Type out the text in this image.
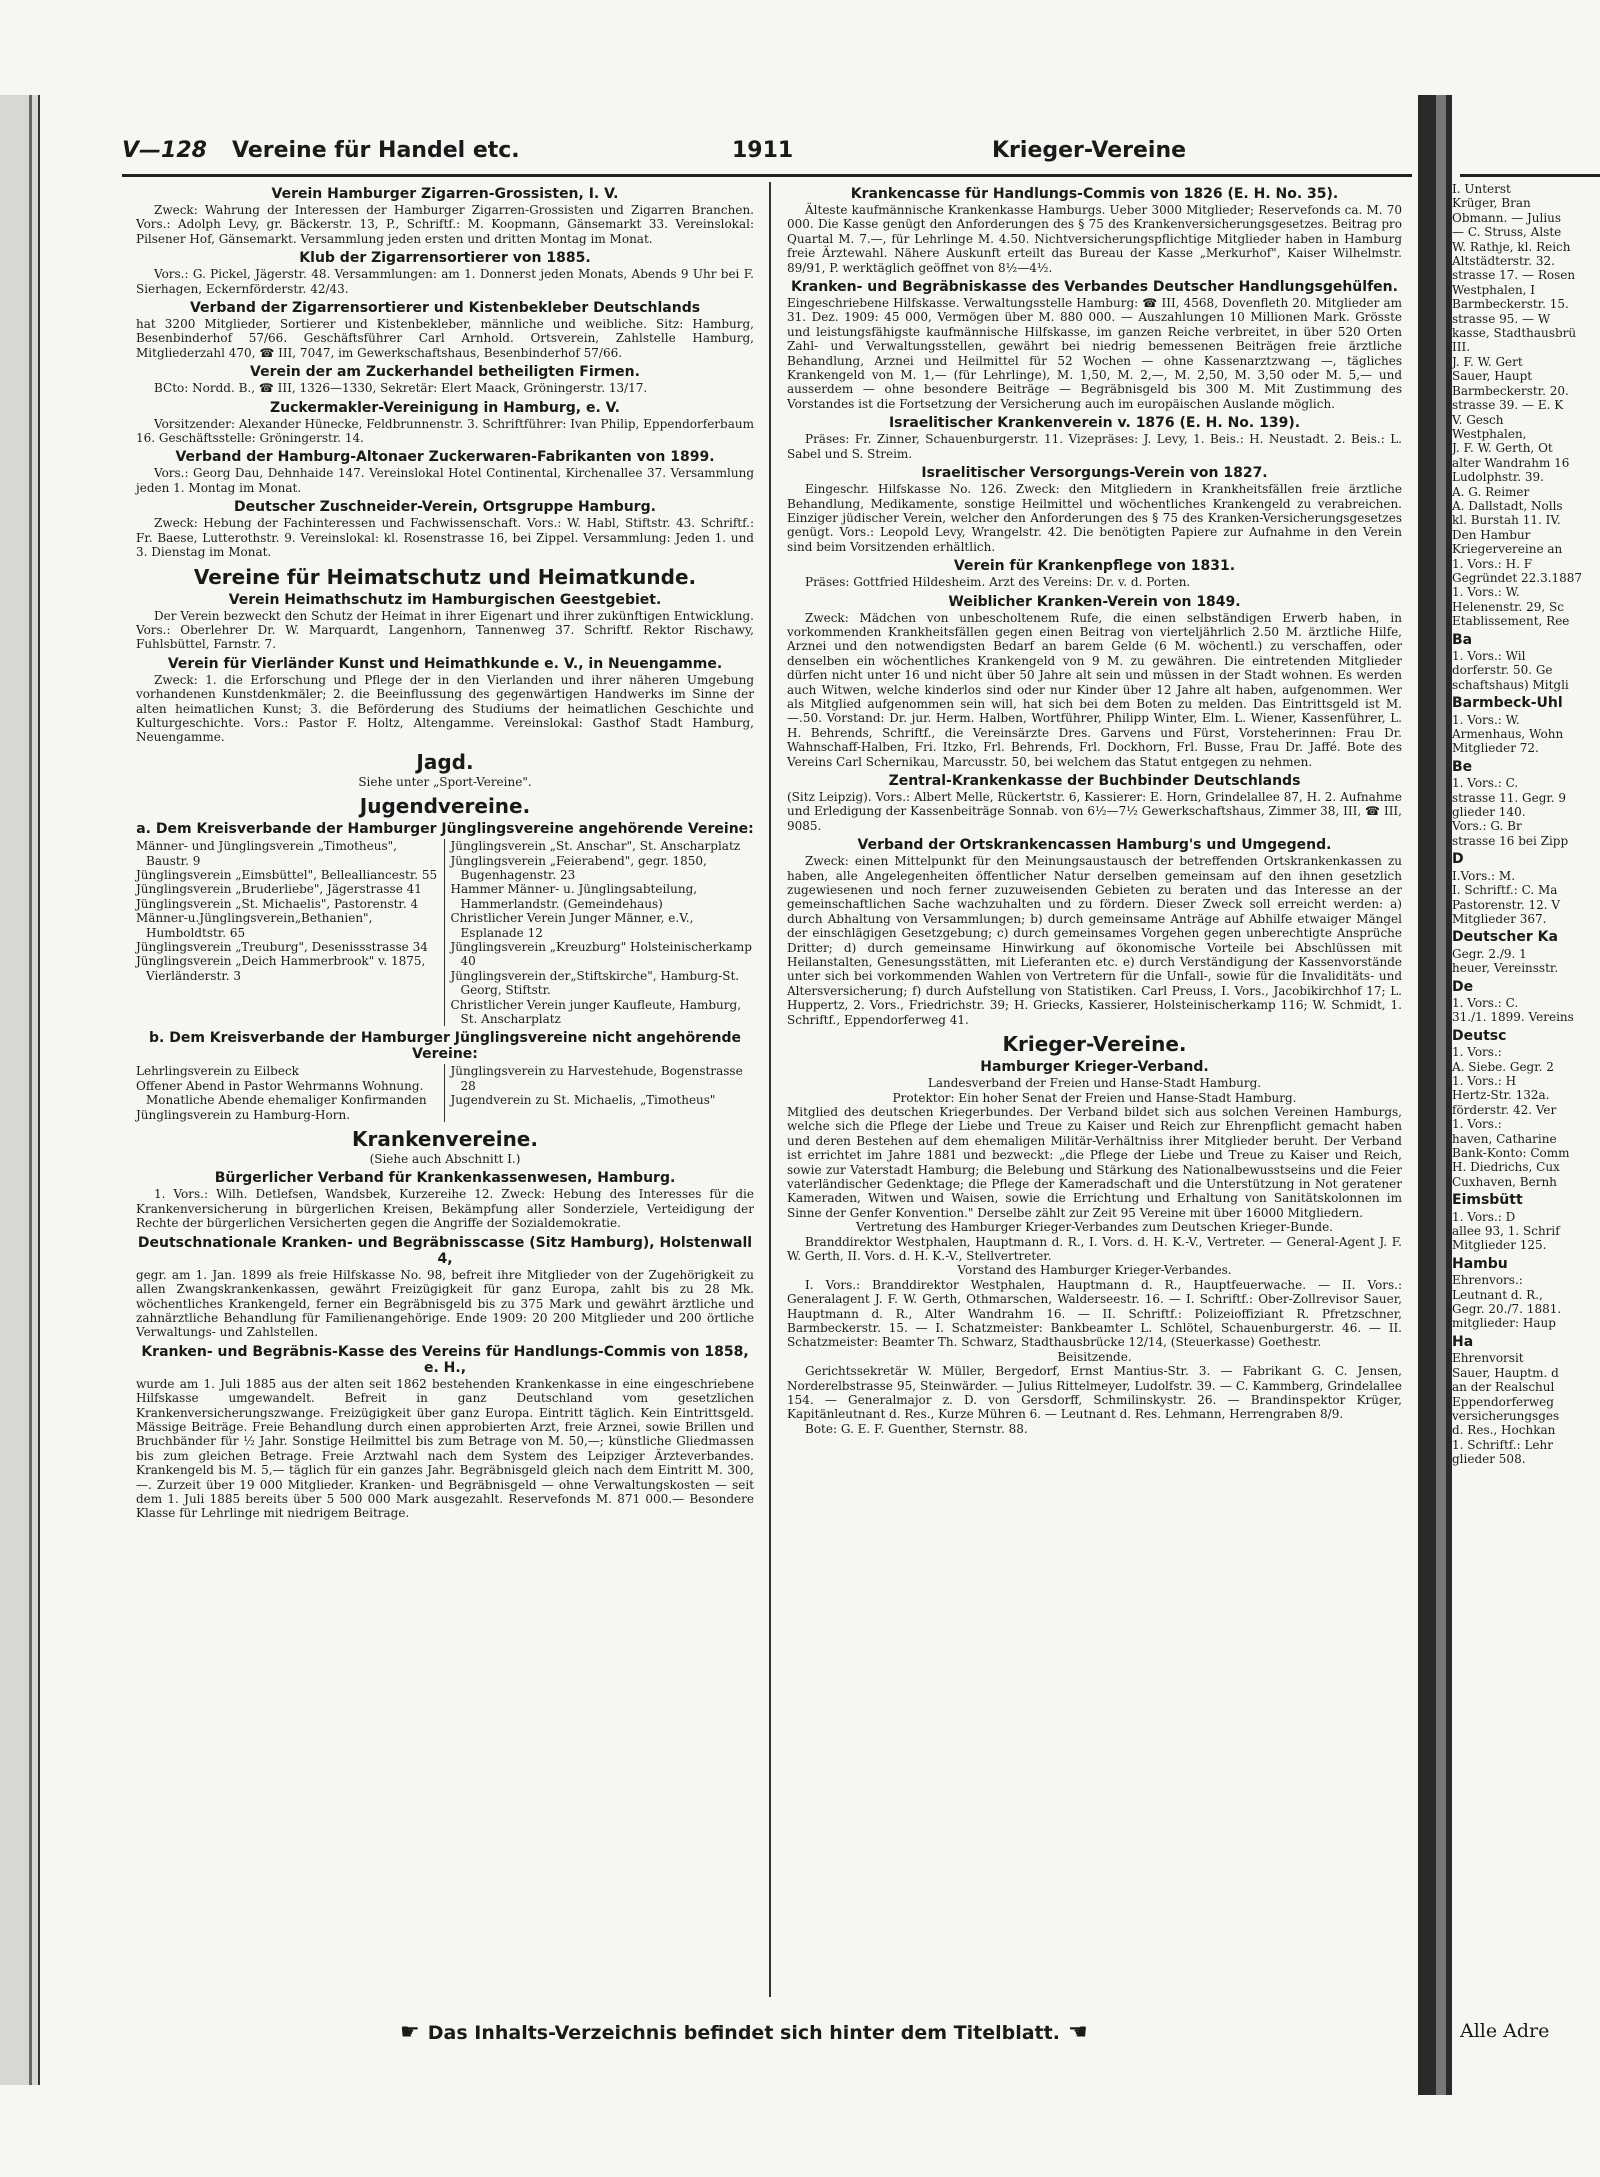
V—128 Vereine für Handel etc.	1911	Krieger-Vereine
Verein Hamburger Zigarren-Grossisten, I. V.

Zweck: Wahrung der Interessen der Hamburger Zigarren-Grossisten und Zigarren Branchen. Vors.: Adolph Levy, gr. Bäckerstr. 13, P., Schriftf.: M. Koopmann, Gänsemarkt 33. Vereinslokal: Pilsener Hof, Gänsemarkt. Versammlung jeden ersten und dritten Montag im Monat.

Klub der Zigarrensortierer von 1885.

Vors.: G. Pickel, Jägerstr. 48. Versammlungen: am 1. Donnerst jeden Monats, Abends 9 Uhr bei F. Sierhagen, Eckernförderstr. 42/43.

Verband der Zigarrensortierer und Kistenbekleber Deutschlands

hat 3200 Mitglieder, Sortierer und Kistenbekleber, männliche und weibliche. Sitz: Hamburg, Besenbinderhof 57/66. Geschäftsführer Carl Arnhold. Ortsverein, Zahlstelle Hamburg, Mitgliederzahl 470, ☎ III, 7047, im Gewerkschaftshaus, Besenbinderhof 57/66.

Verein der am Zuckerhandel betheiligten Firmen.

BCto: Nordd. B., ☎ III, 1326—1330, Sekretär: Elert Maack, Gröningerstr. 13/17.

Zuckermakler-Vereinigung in Hamburg, e. V.

Vorsitzender: Alexander Hünecke, Feldbrunnenstr. 3. Schriftführer: Ivan Philip, Eppendorferbaum 16. Geschäftsstelle: Gröningerstr. 14.

Verband der Hamburg-Altonaer Zuckerwaren-Fabrikanten von 1899.

Vors.: Georg Dau, Dehnhaide 147. Vereinslokal Hotel Continental, Kirchenallee 37. Versammlung jeden 1. Montag im Monat.

Deutscher Zuschneider-Verein, Ortsgruppe Hamburg.

Zweck: Hebung der Fachinteressen und Fachwissenschaft. Vors.: W. Habl, Stiftstr. 43. Schriftf.: Fr. Baese, Lutterothstr. 9. Vereinslokal: kl. Rosenstrasse 16, bei Zippel. Versammlung: Jeden 1. und 3. Dienstag im Monat.

Vereine für Heimatschutz und Heimatkunde.
Verein Heimathschutz im Hamburgischen Geestgebiet.

Der Verein bezweckt den Schutz der Heimat in ihrer Eigenart und ihrer zukünftigen Entwicklung. Vors.: Oberlehrer Dr. W. Marquardt, Langenhorn, Tannenweg 37. Schriftf. Rektor Rischawy, Fuhlsbüttel, Farnstr. 7.

Verein für Vierländer Kunst und Heimathkunde e. V., in Neuengamme.

Zweck: 1. die Erforschung und Pflege der in den Vierlanden und ihrer näheren Umgebung vorhandenen Kunstdenkmäler; 2. die Beeinflussung des gegenwärtigen Handwerks im Sinne der alten heimatlichen Kunst; 3. die Beförderung des Studiums der heimatlichen Geschichte und Kulturgeschichte. Vors.: Pastor F. Holtz, Altengamme. Vereinslokal: Gasthof Stadt Hamburg, Neuengamme.

Jagd.

Siehe unter „Sport-Vereine".

Jugendvereine.
a. Dem Kreisverbande der Hamburger Jünglingsvereine angehörende Vereine:

Männer- und Jünglingsverein „Timotheus", Baustr. 9

Jünglingsverein „Eimsbüttel", Bellealliancestr. 55

Jünglingsverein „Bruderliebe", Jägerstrasse 41

Jünglingsverein „St. Michaelis", Pastorenstr. 4

Männer-u.Jünglingsverein„Bethanien", Humboldtstr. 65

Jünglingsverein „Treuburg", Desenissstrasse 34

Jünglingsverein „Deich Hammerbrook" v. 1875, Vierländerstr. 3

Jünglingsverein „St. Anschar", St. Anscharplatz

Jünglingsverein „Feierabend", gegr. 1850, Bugenhagenstr. 23

Hammer Männer- u. Jünglingsabteilung, Hammerlandstr. (Gemeindehaus)

Christlicher Verein Junger Männer, e.V., Esplanade 12

Jünglingsverein „Kreuzburg" Holsteinischerkamp 40

Jünglingsverein der„Stiftskirche", Hamburg-St. Georg, Stiftstr.

Christlicher Verein junger Kaufleute, Hamburg, St. Anscharplatz

b. Dem Kreisverbande der Hamburger Jünglingsvereine nicht angehörende Vereine:

Lehrlingsverein zu Eilbeck

Offener Abend in Pastor Wehrmanns Wohnung. Monatliche Abende ehemaliger Konfirmanden

Jünglingsverein zu Hamburg-Horn.

Jünglingsverein zu Harvestehude, Bogenstrasse 28

Jugendverein zu St. Michaelis, „Timotheus"

Krankenvereine.

(Siehe auch Abschnitt I.)

Bürgerlicher Verband für Krankenkassenwesen, Hamburg.

1. Vors.: Wilh. Detlefsen, Wandsbek, Kurzereihe 12. Zweck: Hebung des Interesses für die Krankenversicherung in bürgerlichen Kreisen, Bekämpfung aller Sonderziele, Verteidigung der Rechte der bürgerlichen Versicherten gegen die Angriffe der Sozialdemokratie.

Deutschnationale Kranken- und Begräbnisscasse (Sitz Hamburg), Holstenwall 4,

gegr. am 1. Jan. 1899 als freie Hilfskasse No. 98, befreit ihre Mitglieder von der Zugehörigkeit zu allen Zwangskrankenkassen, gewährt Freizügigkeit für ganz Europa, zahlt bis zu 28 Mk. wöchentliches Krankengeld, ferner ein Begräbnisgeld bis zu 375 Mark und gewährt ärztliche und zahnärztliche Behandlung für Familienangehörige. Ende 1909: 20 200 Mitglieder und 200 örtliche Verwaltungs- und Zahlstellen.

Kranken- und Begräbnis-Kasse des Vereins für Handlungs-Commis von 1858, e. H.,

wurde am 1. Juli 1885 aus der alten seit 1862 bestehenden Krankenkasse in eine eingeschriebene Hilfskasse umgewandelt. Befreit in ganz Deutschland vom gesetzlichen Krankenversicherungszwange. Freizügigkeit über ganz Europa. Eintritt täglich. Kein Eintrittsgeld. Mässige Beiträge. Freie Behandlung durch einen approbierten Arzt, freie Arznei, sowie Brillen und Bruchbänder für ½ Jahr. Sonstige Heilmittel bis zum Betrage von M. 50,—; künstliche Gliedmassen bis zum gleichen Betrage. Freie Arztwahl nach dem System des Leipziger Ärzteverbandes. Krankengeld bis M. 5,— täglich für ein ganzes Jahr. Begräbnisgeld gleich nach dem Eintritt M. 300,—. Zurzeit über 19 000 Mitglieder. Kranken- und Begräbnisgeld — ohne Verwaltungskosten — seit dem 1. Juli 1885 bereits über 5 500 000 Mark ausgezahlt. Reservefonds M. 871 000.— Besondere Klasse für Lehrlinge mit niedrigem Beitrage.

Krankencasse für Handlungs-Commis von 1826 (E. H. No. 35).

Älteste kaufmännische Krankenkasse Hamburgs. Ueber 3000 Mitglieder; Reservefonds ca. M. 70 000. Die Kasse genügt den Anforderungen des § 75 des Krankenversicherungsgesetzes. Beitrag pro Quartal M. 7.—, für Lehrlinge M. 4.50. Nichtversicherungspflichtige Mitglieder haben in Hamburg freie Ärztewahl. Nähere Auskunft erteilt das Bureau der Kasse „Merkurhof", Kaiser Wilhelmstr. 89/91, P. werktäglich geöffnet von 8½—4½.

Kranken- und Begräbniskasse des Verbandes Deutscher Handlungsgehülfen.

Eingeschriebene Hilfskasse. Verwaltungsstelle Hamburg: ☎ III, 4568, Dovenfleth 20. Mitglieder am 31. Dez. 1909: 45 000, Vermögen über M. 880 000. — Auszahlungen 10 Millionen Mark. Grösste und leistungsfähigste kaufmännische Hilfskasse, im ganzen Reiche verbreitet, in über 520 Orten Zahl- und Verwaltungsstellen, gewährt bei niedrig bemessenen Beiträgen freie ärztliche Behandlung, Arznei und Heilmittel für 52 Wochen — ohne Kassenarztzwang —, tägliches Krankengeld von M. 1,— (für Lehrlinge), M. 1,50, M. 2,—, M. 2,50, M. 3,50 oder M. 5,— und ausserdem — ohne besondere Beiträge — Begräbnisgeld bis 300 M. Mit Zustimmung des Vorstandes ist die Fortsetzung der Versicherung auch im europäischen Auslande möglich.

Israelitischer Krankenverein v. 1876 (E. H. No. 139).

Präses: Fr. Zinner, Schauenburgerstr. 11. Vizepräses: J. Levy, 1. Beis.: H. Neustadt. 2. Beis.: L. Sabel und S. Streim.

Israelitischer Versorgungs-Verein von 1827.

Eingeschr. Hilfskasse No. 126. Zweck: den Mitgliedern in Krankheitsfällen freie ärztliche Behandlung, Medikamente, sonstige Heilmittel und wöchentliches Krankengeld zu verabreichen. Einziger jüdischer Verein, welcher den Anforderungen des § 75 des Kranken-Versicherungsgesetzes genügt. Vors.: Leopold Levy, Wrangelstr. 42. Die benötigten Papiere zur Aufnahme in den Verein sind beim Vorsitzenden erhältlich.

Verein für Krankenpflege von 1831.

Präses: Gottfried Hildesheim. Arzt des Vereins: Dr. v. d. Porten.

Weiblicher Kranken-Verein von 1849.

Zweck: Mädchen von unbescholtenem Rufe, die einen selbständigen Erwerb haben, in vorkommenden Krankheitsfällen gegen einen Beitrag von vierteljährlich 2.50 M. ärztliche Hilfe, Arznei und den notwendigsten Bedarf an barem Gelde (6 M. wöchentl.) zu verschaffen, oder denselben ein wöchentliches Krankengeld von 9 M. zu gewähren. Die eintretenden Mitglieder dürfen nicht unter 16 und nicht über 50 Jahre alt sein und müssen in der Stadt wohnen. Es werden auch Witwen, welche kinderlos sind oder nur Kinder über 12 Jahre alt haben, aufgenommen. Wer als Mitglied aufgenommen sein will, hat sich bei dem Boten zu melden. Das Eintrittsgeld ist M. —.50. Vorstand: Dr. jur. Herm. Halben, Wortführer, Philipp Winter, Elm. L. Wiener, Kassenführer, L. H. Behrends, Schriftf., die Vereinsärzte Dres. Garvens und Fürst, Vorsteherinnen: Frau Dr. Wahnschaff-Halben, Fri. Itzko, Frl. Behrends, Frl. Dockhorn, Frl. Busse, Frau Dr. Jaffé. Bote des Vereins Carl Schernikau, Marcusstr. 50, bei welchem das Statut entgegen zu nehmen.

Zentral-Krankenkasse der Buchbinder Deutschlands

(Sitz Leipzig). Vors.: Albert Melle, Rückertstr. 6, Kassierer: E. Horn, Grindelallee 87, H. 2. Aufnahme und Erledigung der Kassenbeiträge Sonnab. von 6½—7½ Gewerkschaftshaus, Zimmer 38, III, ☎ III, 9085.

Verband der Ortskrankencassen Hamburg's und Umgegend.

Zweck: einen Mittelpunkt für den Meinungsaustausch der betreffenden Ortskrankenkassen zu haben, alle Angelegenheiten öffentlicher Natur derselben gemeinsam auf den ihnen gesetzlich zugewiesenen und noch ferner zuzuweisenden Gebieten zu beraten und das Interesse an der gemeinschaftlichen Sache wachzuhalten und zu fördern. Dieser Zweck soll erreicht werden: a) durch Abhaltung von Versammlungen; b) durch gemeinsame Anträge auf Abhilfe etwaiger Mängel der einschlägigen Gesetzgebung; c) durch gemeinsames Vorgehen gegen unberechtigte Ansprüche Dritter; d) durch gemeinsame Hinwirkung auf ökonomische Vorteile bei Abschlüssen mit Heilanstalten, Genesungsstätten, mit Lieferanten etc. e) durch Verständigung der Kassenvorstände unter sich bei vorkommenden Wahlen von Vertretern für die Unfall-, sowie für die Invaliditäts- und Altersversicherung; f) durch Aufstellung von Statistiken. Carl Preuss, I. Vors., Jacobikirchhof 17; L. Huppertz, 2. Vors., Friedrichstr. 39; H. Griecks, Kassierer, Holsteinischerkamp 116; W. Schmidt, 1. Schriftf., Eppendorferweg 41.

Krieger-Vereine.
Hamburger Krieger-Verband.

Landesverband der Freien und Hanse-Stadt Hamburg.

Protektor: Ein hoher Senat der Freien und Hanse-Stadt Hamburg.

Mitglied des deutschen Kriegerbundes. Der Verband bildet sich aus solchen Vereinen Hamburgs, welche sich die Pflege der Liebe und Treue zu Kaiser und Reich zur Ehrenpflicht gemacht haben und deren Bestehen auf dem ehemaligen Militär-Verhältniss ihrer Mitglieder beruht. Der Verband ist errichtet im Jahre 1881 und bezweckt: „die Pflege der Liebe und Treue zu Kaiser und Reich, sowie zur Vaterstadt Hamburg; die Belebung und Stärkung des Nationalbewusstseins und die Feier vaterländischer Gedenktage; die Pflege der Kameradschaft und die Unterstützung in Not geratener Kameraden, Witwen und Waisen, sowie die Errichtung und Erhaltung von Sanitätskolonnen im Sinne der Genfer Konvention." Derselbe zählt zur Zeit 95 Vereine mit über 16000 Mitgliedern.

Vertretung des Hamburger Krieger-Verbandes zum Deutschen Krieger-Bunde.

Branddirektor Westphalen, Hauptmann d. R., I. Vors. d. H. K.-V., Vertreter. — General-Agent J. F. W. Gerth, II. Vors. d. H. K.-V., Stellvertreter.

Vorstand des Hamburger Krieger-Verbandes.

I. Vors.: Branddirektor Westphalen, Hauptmann d. R., Hauptfeuerwache. — II. Vors.: Generalagent J. F. W. Gerth, Othmarschen, Walderseestr. 16. — I. Schriftf.: Ober-Zollrevisor Sauer, Hauptmann d. R., Alter Wandrahm 16. — II. Schriftf.: Polizeioffiziant R. Pfretzschner, Barmbeckerstr. 15. — I. Schatzmeister: Bankbeamter L. Schlötel, Schauenburgerstr. 46. — II. Schatzmeister: Beamter Th. Schwarz, Stadthausbrücke 12/14, (Steuerkasse) Goethestr.

Beisitzende.

Gerichtssekretär W. Müller, Bergedorf, Ernst Mantius-Str. 3. — Fabrikant G. C. Jensen, Norderelbstrasse 95, Steinwärder. — Julius Rittelmeyer, Ludolfstr. 39. — C. Kammberg, Grindelallee 154. — Generalmajor z. D. von Gersdorff, Schmilinskystr. 26. — Brandinspektor Krüger, Kapitänleutnant d. Res., Kurze Mühren 6. — Leutnant d. Res. Lehmann, Herrengraben 8/9.

Bote: G. E. F. Guenther, Sternstr. 88.

☛ Das Inhalts-Verzeichnis befindet sich hinter dem Titelblatt. ☚

I. Unterst

Krüger, Bran

Obmann. — Julius

— C. Struss, Alste

W. Rathje, kl. Reich

Altstädterstr. 32.

strasse 17. — Rosen

Westphalen, I

Barmbeckerstr. 15.

strasse 95. — W

kasse, Stadthausbrü

III.

J. F. W. Gert

Sauer, Haupt

Barmbeckerstr. 20.

strasse 39. — E. K

V. Gesch

Westphalen,

J. F. W. Gerth, Ot

alter Wandrahm 16

Ludolphstr. 39.

A. G. Reimer

A. Dallstadt, Nolls

kl. Burstah 11. IV.

Den Hambur

Kriegervereine an

1. Vors.: H. F

Gegründet 22.3.1887

1. Vors.: W.

Helenenstr. 29, Sc

Etablissement, Ree

Ba

1. Vors.: Wil

dorferstr. 50. Ge

schaftshaus) Mitgli

Barmbeck-Uhl

1. Vors.: W.

Armenhaus, Wohn

Mitglieder 72.

Be

1. Vors.: C.

strasse 11. Gegr. 9

glieder 140.

Vors.: G. Br

strasse 16 bei Zipp

D

I.Vors.: M.

I. Schriftf.: C. Ma

Pastorenstr. 12. V

Mitglieder 367.

Deutscher Ka

Gegr. 2./9. 1

heuer, Vereinsstr.

De

1. Vors.: C.

31./1. 1899. Vereins

Deutsc

1. Vors.:

A. Siebe. Gegr. 2

1. Vors.: H

Hertz-Str. 132a.

förderstr. 42. Ver

1. Vors.:

haven, Catharine

Bank-Konto: Comm

H. Diedrichs, Cux

Cuxhaven, Bernh

Eimsbütt

1. Vors.: D

allee 93, 1. Schrif

Mitglieder 125.

Hambu

Ehrenvors.:

Leutnant d. R.,

Gegr. 20./7. 1881.

mitglieder: Haup

Ha

Ehrenvorsit

Sauer, Hauptm. d

an der Realschul

Eppendorferweg

versicherungsges

d. Res., Hochkan

1. Schriftf.: Lehr

glieder 508.

Alle Adre
